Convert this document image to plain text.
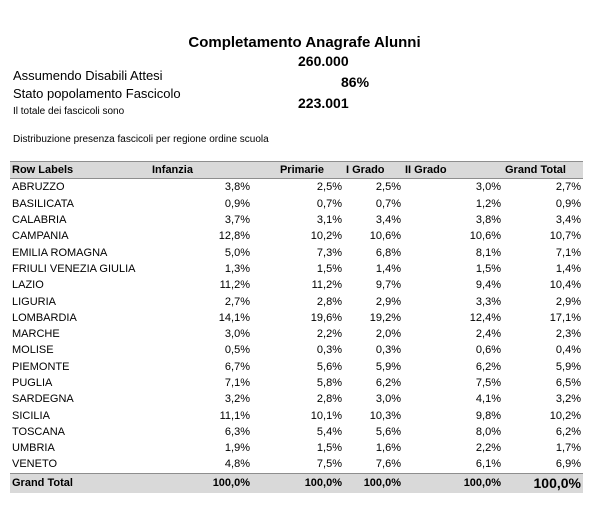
Completamento Anagrafe Alunni
Assumendo Disabili Attesi
260.000
Stato popolamento Fascicolo
86%
Il totale dei fascicoli sono
223.001
Distribuzione presenza fascicoli per regione ordine scuola
Row Labels	Infanzia	Primarie	I Grado	II Grado	Grand Total
ABRUZZO	3,8%	2,5%	2,5%	3,0%	2,7%
BASILICATA	0,9%	0,7%	0,7%	1,2%	0,9%
CALABRIA	3,7%	3,1%	3,4%	3,8%	3,4%
CAMPANIA	12,8%	10,2%	10,6%	10,6%	10,7%
EMILIA ROMAGNA	5,0%	7,3%	6,8%	8,1%	7,1%
FRIULI VENEZIA GIULIA	1,3%	1,5%	1,4%	1,5%	1,4%
LAZIO	11,2%	11,2%	9,7%	9,4%	10,4%
LIGURIA	2,7%	2,8%	2,9%	3,3%	2,9%
LOMBARDIA	14,1%	19,6%	19,2%	12,4%	17,1%
MARCHE	3,0%	2,2%	2,0%	2,4%	2,3%
MOLISE	0,5%	0,3%	0,3%	0,6%	0,4%
PIEMONTE	6,7%	5,6%	5,9%	6,2%	5,9%
PUGLIA	7,1%	5,8%	6,2%	7,5%	6,5%
SARDEGNA	3,2%	2,8%	3,0%	4,1%	3,2%
SICILIA	11,1%	10,1%	10,3%	9,8%	10,2%
TOSCANA	6,3%	5,4%	5,6%	8,0%	6,2%
UMBRIA	1,9%	1,5%	1,6%	2,2%	1,7%
VENETO	4,8%	7,5%	7,6%	6,1%	6,9%
Grand Total	100,0%	100,0%	100,0%	100,0%	100,0%
